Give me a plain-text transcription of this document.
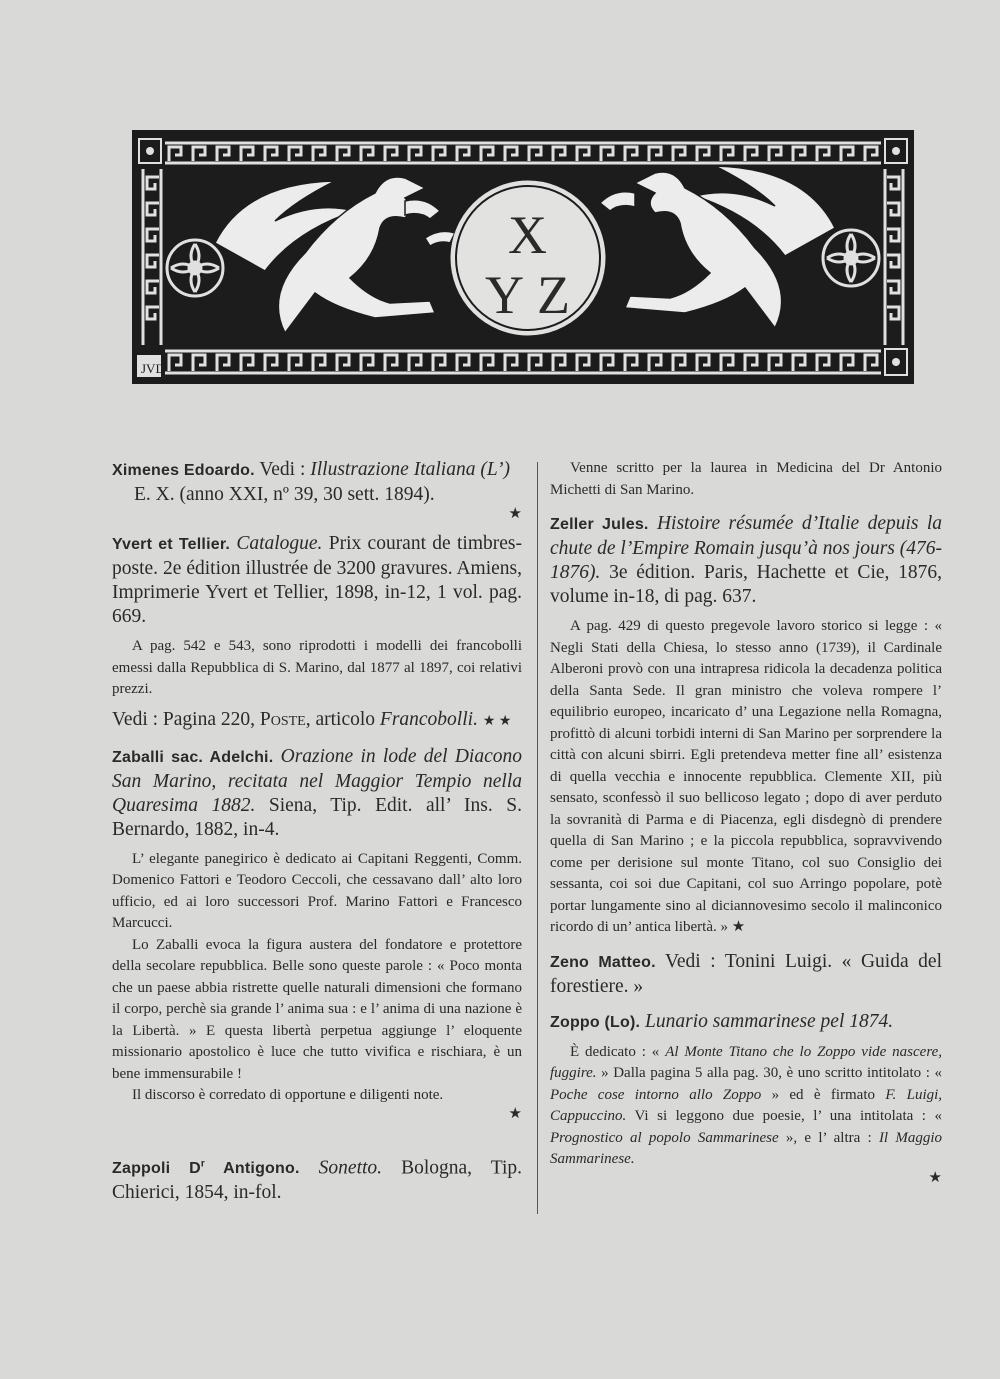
JVD
X
Y Z
Ximenes Edoardo. Vedi : Illustrazione Italiana (L’)
E. X. (anno XXI, nº 39, 30 sett. 1894).
★
Yvert et Tellier. Catalogue. Prix courant de timbres-poste. 2e édition illustrée de 3200 gravures. Amiens, Imprimerie Yvert et Tellier, 1898, in-12, 1 vol. pag. 669.

A pag. 542 e 543, sono riprodotti i modelli dei francobolli emessi dalla Repubblica di S. Marino, dal 1877 al 1897, coi relativi prezzi.

Vedi : Pagina 220, Poste, articolo Francobolli. ★ ★
Zaballi sac. Adelchi. Orazione in lode del Diacono San Marino, recitata nel Maggior Tempio nella Quaresima 1882. Siena, Tip. Edit. all’ Ins. S. Bernardo, 1882, in-4.

L’ elegante panegirico è dedicato ai Capitani Reggenti, Comm. Domenico Fattori e Teodoro Ceccoli, che cessavano dall’ alto loro ufficio, ed ai loro successori Prof. Marino Fattori e Francesco Marcucci.

Lo Zaballi evoca la figura austera del fondatore e protettore della secolare repubblica. Belle sono queste parole : « Poco monta che un paese abbia ristrette quelle naturali dimensioni che formano il corpo, perchè sia grande l’ anima sua : e l’ anima di una nazione è la Libertà. » E questa libertà perpetua aggiunge l’ eloquente missionario apostolico è luce che tutto vivifica e rischiara, è un bene immensurabile !

Il discorso è corredato di opportune e diligenti note.

★
Zappoli $D^r$ Antigono. Sonetto. Bologna, Tip. Chierici, 1854, in-fol.

Venne scritto per la laurea in Medicina del Dr Antonio Michetti di San Marino.

Zeller Jules. Histoire résumée d’Italie depuis la chute de l’Empire Romain jusqu’à nos jours (476-1876). 3e édition. Paris, Hachette et Cie, 1876, volume in-18, di pag. 637.

A pag. 429 di questo pregevole lavoro storico si legge : « Negli Stati della Chiesa, lo stesso anno (1739), il Cardinale Alberoni provò con una intrapresa ridicola la decadenza politica della Santa Sede. Il gran ministro che voleva rompere l’ equilibrio europeo, incaricato d’ una Legazione nella Romagna, profittò di alcuni torbidi interni di San Marino per sorprendere la città con alcuni sbirri. Egli pretendeva metter fine all’ esistenza di quella vecchia e innocente repubblica. Clemente XII, più sensato, sconfessò il suo bellicoso legato ; dopo di aver perduto la sovranità di Parma e di Piacenza, egli disdegnò di prendere quella di San Marino ; e la piccola repubblica, sopravvivendo come per derisione sul monte Titano, col suo Consiglio dei sessanta, coi soi due Capitani, col suo Arringo popolare, potè portar lungamente sino al diciannovesimo secolo il malinconico ricordo di un’ antica libertà. » ★

Zeno Matteo. Vedi : Tonini Luigi. « Guida del forestiere. »
Zoppo (Lo). Lunario sammarinese pel 1874.

È dedicato : « Al Monte Titano che lo Zoppo vide nascere, fuggire. » Dalla pagina 5 alla pag. 30, è uno scritto intitolato : « Poche cose intorno allo Zoppo » ed è firmato F. Luigi, Cappuccino. Vi si leggono due poesie, l’ una intitolata : « Prognostico al popolo Sammarinese », e l’ altra : Il Maggio Sammarinese.

★
